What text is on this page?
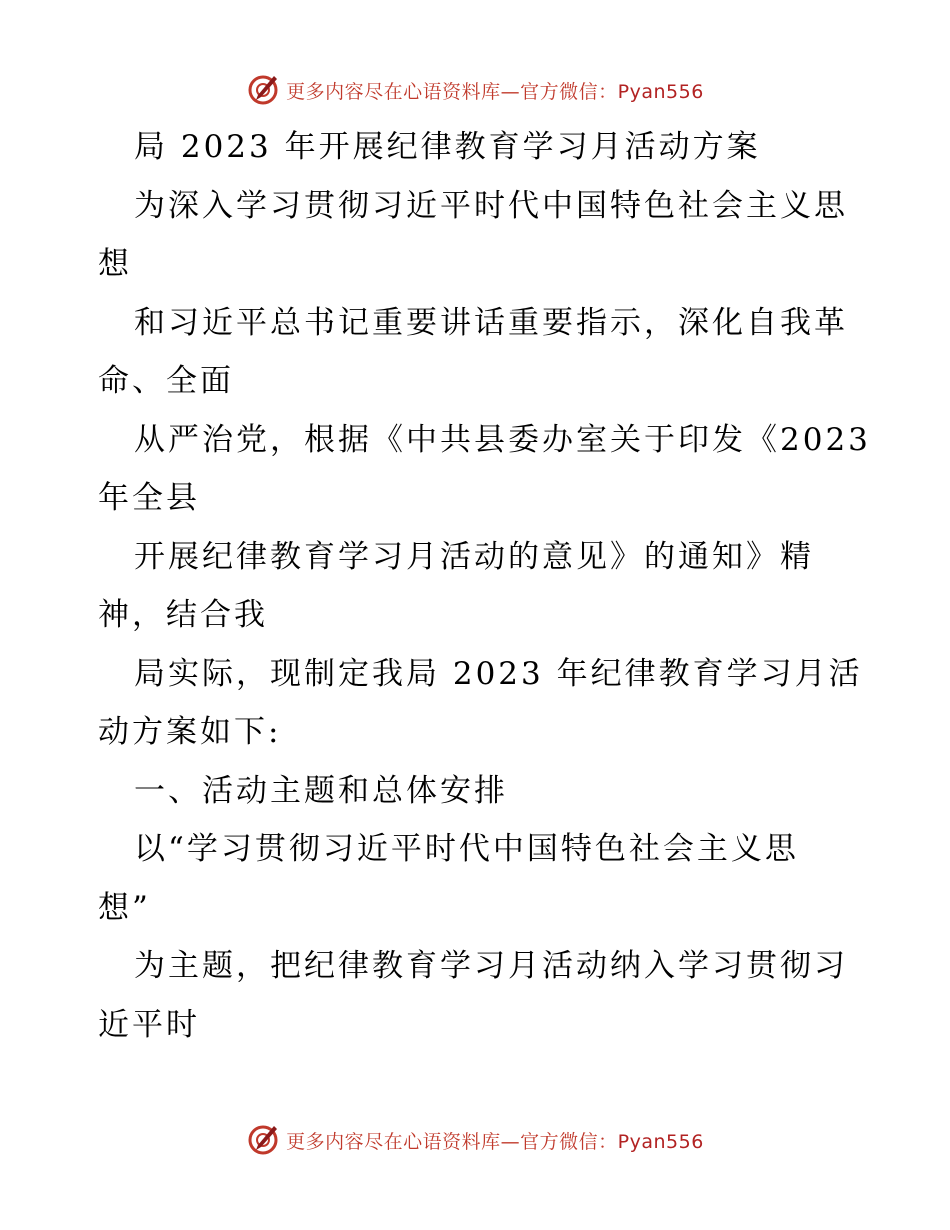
更多内容尽在心语资料库—官方微信：Pyan556
局 2023 年开展纪律教育学习月活动方案
为深入学习贯彻习近平时代中国特色社会主义思
想
和习近平总书记重要讲话重要指示，深化自我革
命、全面
从严治党，根据《中共县委办室关于印发《2023
年全县
开展纪律教育学习月活动的意见》的通知》精
神，结合我
局实际，现制定我局 2023 年纪律教育学习月活
动方案如下:
一、活动主题和总体安排
以“学习贯彻习近平时代中国特色社会主义思
想”
为主题，把纪律教育学习月活动纳入学习贯彻习
近平时
更多内容尽在心语资料库—官方微信：Pyan556
